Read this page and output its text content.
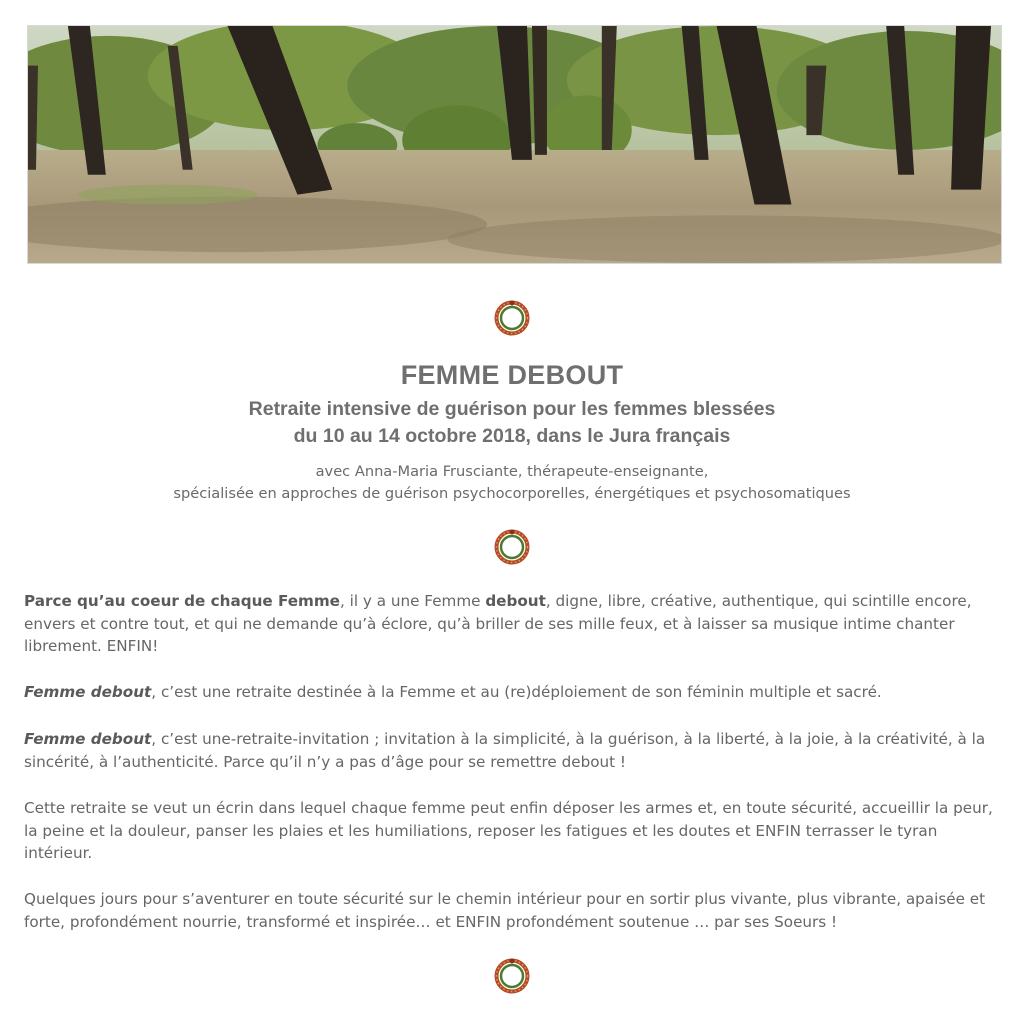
FEMME DEBOUT
Retraite intensive de guérison pour les femmes blessées
du 10 au 14 octobre 2018, dans le Jura français
avec Anna-Maria Frusciante, thérapeute-enseignante,
spécialisée en approches de guérison psychocorporelles, énergétiques et psychosomatiques
Parce qu’au coeur de chaque Femme, il y a une Femme debout, digne, libre, créative, authentique, qui scintille encore, envers et contre tout, et qui ne demande qu’à éclore, qu’à briller de ses mille feux, et à laisser sa musique intime chanter librement. ENFIN!
Femme debout, c’est une retraite destinée à la Femme et au (re)déploiement de son féminin multiple et sacré.
Femme debout, c’est une-retraite-invitation ; invitation à la simplicité, à la guérison, à la liberté, à la joie, à la créativité, à la sincérité, à l’authenticité. Parce qu’il n’y a pas d’âge pour se remettre debout !
Cette retraite se veut un écrin dans lequel chaque femme peut enfin déposer les armes et, en toute sécurité, accueillir la peur, la peine et la douleur, panser les plaies et les humiliations, reposer les fatigues et les doutes et ENFIN terrasser le tyran intérieur.
Quelques jours pour s’aventurer en toute sécurité sur le chemin intérieur pour en sortir plus vivante, plus vibrante, apaisée et forte, profondément nourrie, transformé et inspirée… et ENFIN profondément soutenue … par ses Soeurs !
